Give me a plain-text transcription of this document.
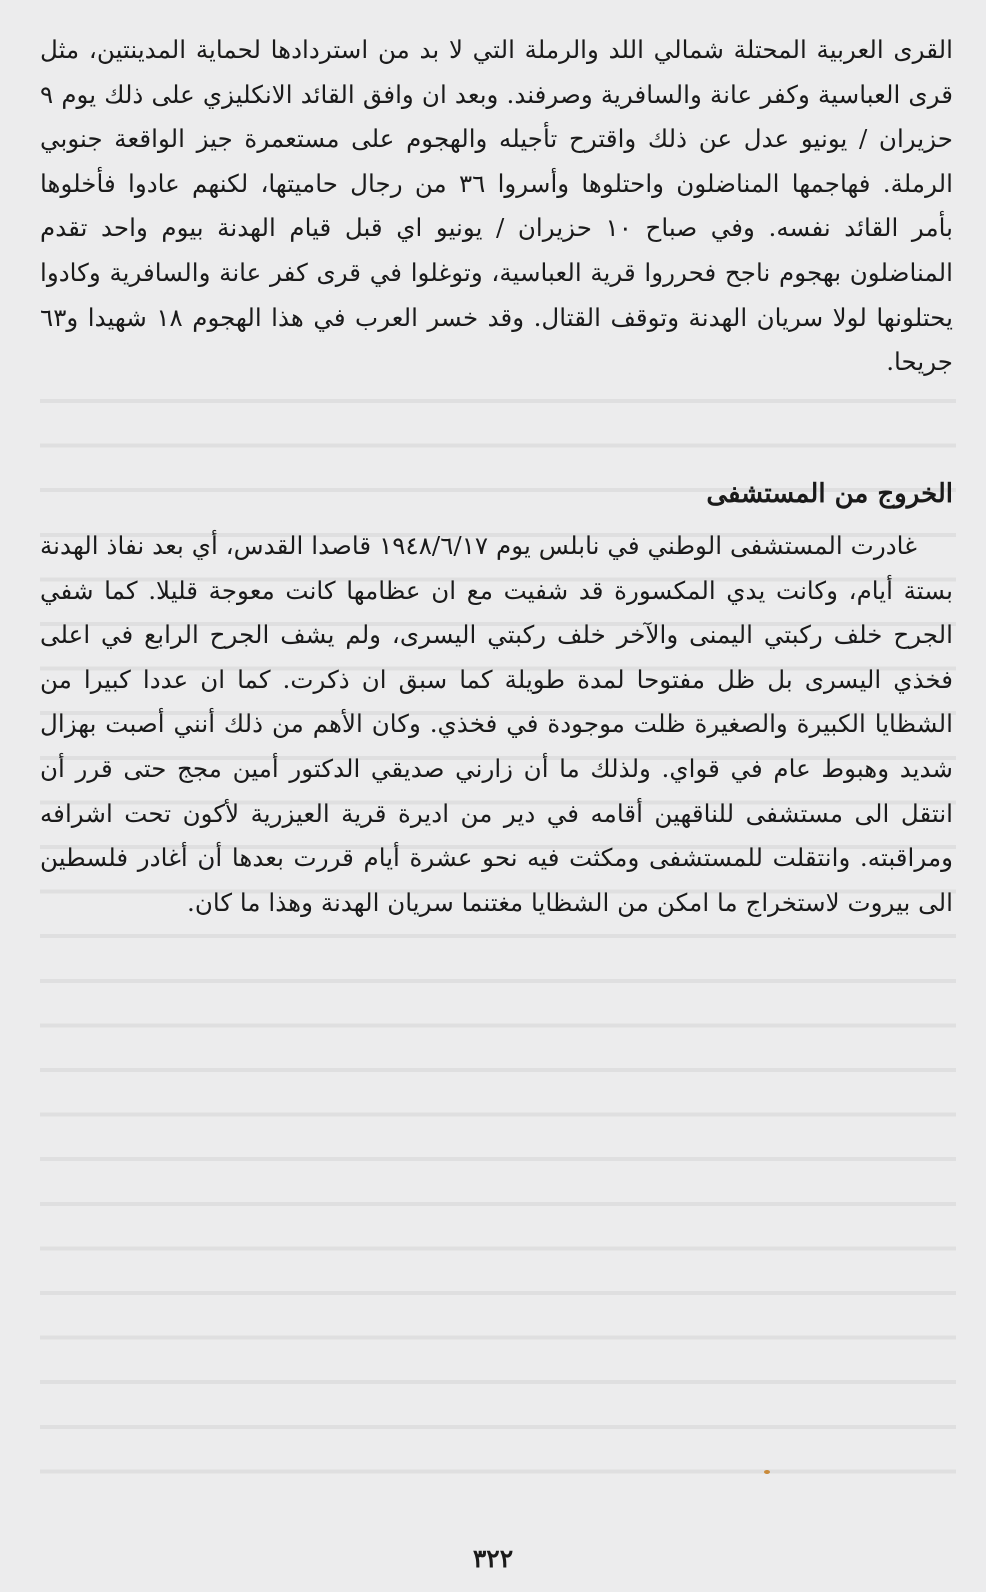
القرى العربية المحتلة شمالي اللد والرملة التي لا بد من استردادها لحماية المدينتين، مثل قرى العباسية وكفر عانة والسافرية وصرفند. وبعد ان وافق القائد الانكليزي على ذلك يوم ٩ حزيران / يونيو عدل عن ذلك واقترح تأجيله والهجوم على مستعمرة جيز الواقعة جنوبي الرملة. فهاجمها المناضلون واحتلوها وأسروا ٣٦ من رجال حاميتها، لكنهم عادوا فأخلوها بأمر القائد نفسه. وفي صباح ١٠ حزيران / يونيو اي قبل قيام الهدنة بيوم واحد تقدم المناضلون بهجوم ناجح فحرروا قرية العباسية، وتوغلوا في قرى كفر عانة والسافرية وكادوا يحتلونها لولا سريان الهدنة وتوقف القتال. وقد خسر العرب في هذا الهجوم ١٨ شهيدا و٦٣ جريحا.

الخروج من المستشفى

غادرت المستشفى الوطني في نابلس يوم ١٩٤٨/٦/١٧ قاصدا القدس، أي بعد نفاذ الهدنة بستة أيام، وكانت يدي المكسورة قد شفيت مع ان عظامها كانت معوجة قليلا. كما شفي الجرح خلف ركبتي اليمنى والآخر خلف ركبتي اليسرى، ولم يشف الجرح الرابع في اعلى فخذي اليسرى بل ظل مفتوحا لمدة طويلة كما سبق ان ذكرت. كما ان عددا كبيرا من الشظايا الكبيرة والصغيرة ظلت موجودة في فخذي. وكان الأهم من ذلك أنني أصبت بهزال شديد وهبوط عام في قواي. ولذلك ما أن زارني صديقي الدكتور أمين مجج حتى قرر أن انتقل الى مستشفى للناقهين أقامه في دير من اديرة قرية العيزرية لأكون تحت اشرافه ومراقبته. وانتقلت للمستشفى ومكثت فيه نحو عشرة أيام قررت بعدها أن أغادر فلسطين الى بيروت لاستخراج ما امكن من الشظايا مغتنما سريان الهدنة وهذا ما كان.

٣٢٢
